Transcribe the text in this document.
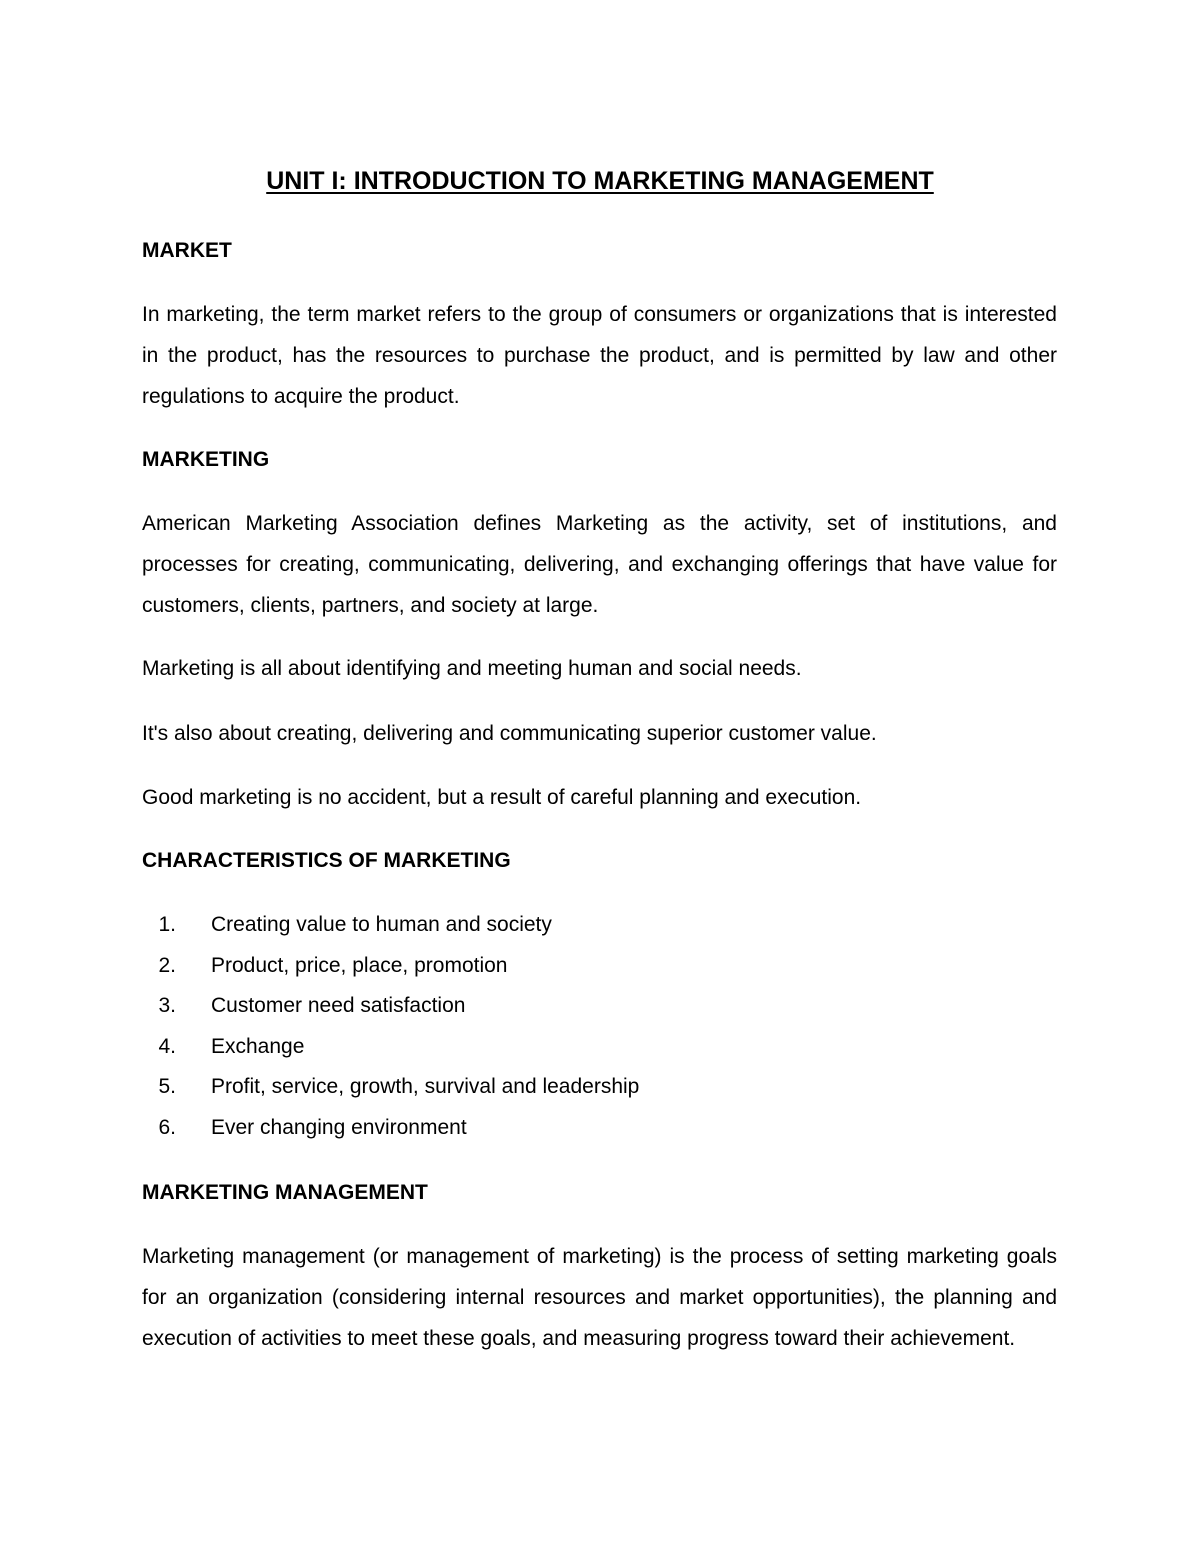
UNIT I: INTRODUCTION TO MARKETING MANAGEMENT
MARKET

In marketing, the term market refers to the group of consumers or organizations that is interested in the product, has the resources to purchase the product, and is permitted by law and other regulations to acquire the product.

MARKETING

American Marketing Association defines Marketing as the activity, set of institutions, and processes for creating, communicating, delivering, and exchanging offerings that have value for customers, clients, partners, and society at large.

Marketing is all about identifying and meeting human and social needs.

It's also about creating, delivering and communicating superior customer value.

Good marketing is no accident, but a result of careful planning and execution.

CHARACTERISTICS OF MARKETING
1.	Creating value to human and society
2.	Product, price, place, promotion
3.	Customer need satisfaction
4.	Exchange
5.	Profit, service, growth, survival and leadership
6.	Ever changing environment
MARKETING MANAGEMENT

Marketing management (or management of marketing) is the process of setting marketing goals for an organization (considering internal resources and market opportunities), the planning and execution of activities to meet these goals, and measuring progress toward their achievement.
